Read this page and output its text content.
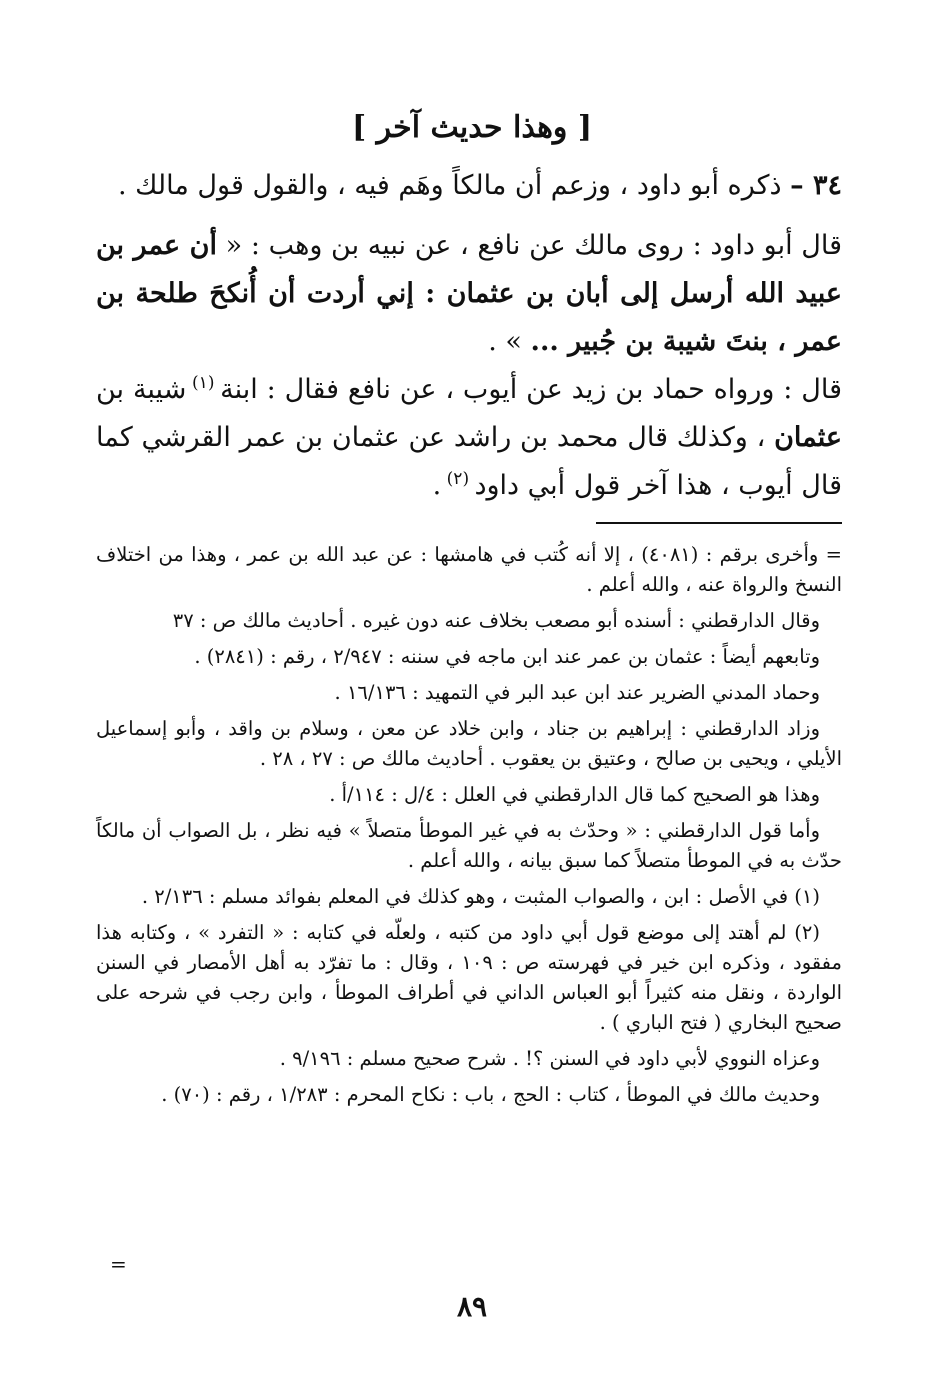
[ وهذا حديث آخر ]
٣٤ – ذكره أبو داود ، وزعم أن مالكاً وهَم فيه ، والقول قول مالك .
قال أبو داود : روى مالك عن نافع ، عن نبيه بن وهب : « أن عمر بن عبيد الله أرسل إلى أبان بن عثمان : إني أردت أن أُنكحَ طلحة بن عمر ، بنتَ شيبة بن جُبير ... » .
قال : ورواه حماد بن زيد عن أيوب ، عن نافع فقال : ابنة $^{(١)}$ شيبة بن عثمان ، وكذلك قال محمد بن راشد عن عثمان بن عمر القرشي كما قال أيوب ، هذا آخر قول أبي داود $^{(٢)}$ .

= وأخرى برقم : (٤٠٨١) ، إلا أنه كُتب في هامشها : عن عبد الله بن عمر ، وهذا من اختلاف النسخ والرواة عنه ، والله أعلم .

وقال الدارقطني : أسنده أبو مصعب بخلاف عنه دون غيره . أحاديث مالك ص : ٣٧

وتابعهم أيضاً : عثمان بن عمر عند ابن ماجه في سننه : ٢/٩٤٧ ، رقم : (٢٨٤١) .

وحماد المدني الضرير عند ابن عبد البر في التمهيد : ١٦/١٣٦ .

وزاد الدارقطني : إبراهيم بن جناد ، وابن خلاد عن معن ، وسلام بن واقد ، وأبو إسماعيل الأيلي ، ويحيى بن صالح ، وعتيق بن يعقوب . أحاديث مالك ص : ٢٧ ، ٢٨ .

وهذا هو الصحيح كما قال الدارقطني في العلل : ٤/ل : ١١٤/أ .

وأما قول الدارقطني : « وحدّث به في غير الموطأ متصلاً » فيه نظر ، بل الصواب أن مالكاً حدّث به في الموطأ متصلاً كما سبق بيانه ، والله أعلم .

(١) في الأصل : ابن ، والصواب المثبت ، وهو كذلك في المعلم بفوائد مسلم : ٢/١٣٦ .

(٢) لم أهتد إلى موضع قول أبي داود من كتبه ، ولعلّه في كتابه : « التفرد » ، وكتابه هذا مفقود ، وذكره ابن خير في فهرسته ص : ١٠٩ ، وقال : ما تفرّد به أهل الأمصار في السنن الواردة ، ونقل منه كثيراً أبو العباس الداني في أطراف الموطأ ، وابن رجب في شرحه على صحيح البخاري ( فتح الباري ) .

وعزاه النووي لأبي داود في السنن ؟! . شرح صحيح مسلم : ٩/١٩٦ .

وحديث مالك في الموطأ ، كتاب : الحج ، باب : نكاح المحرم : ١/٢٨٣ ، رقم : (٧٠) .

=
٨٩
